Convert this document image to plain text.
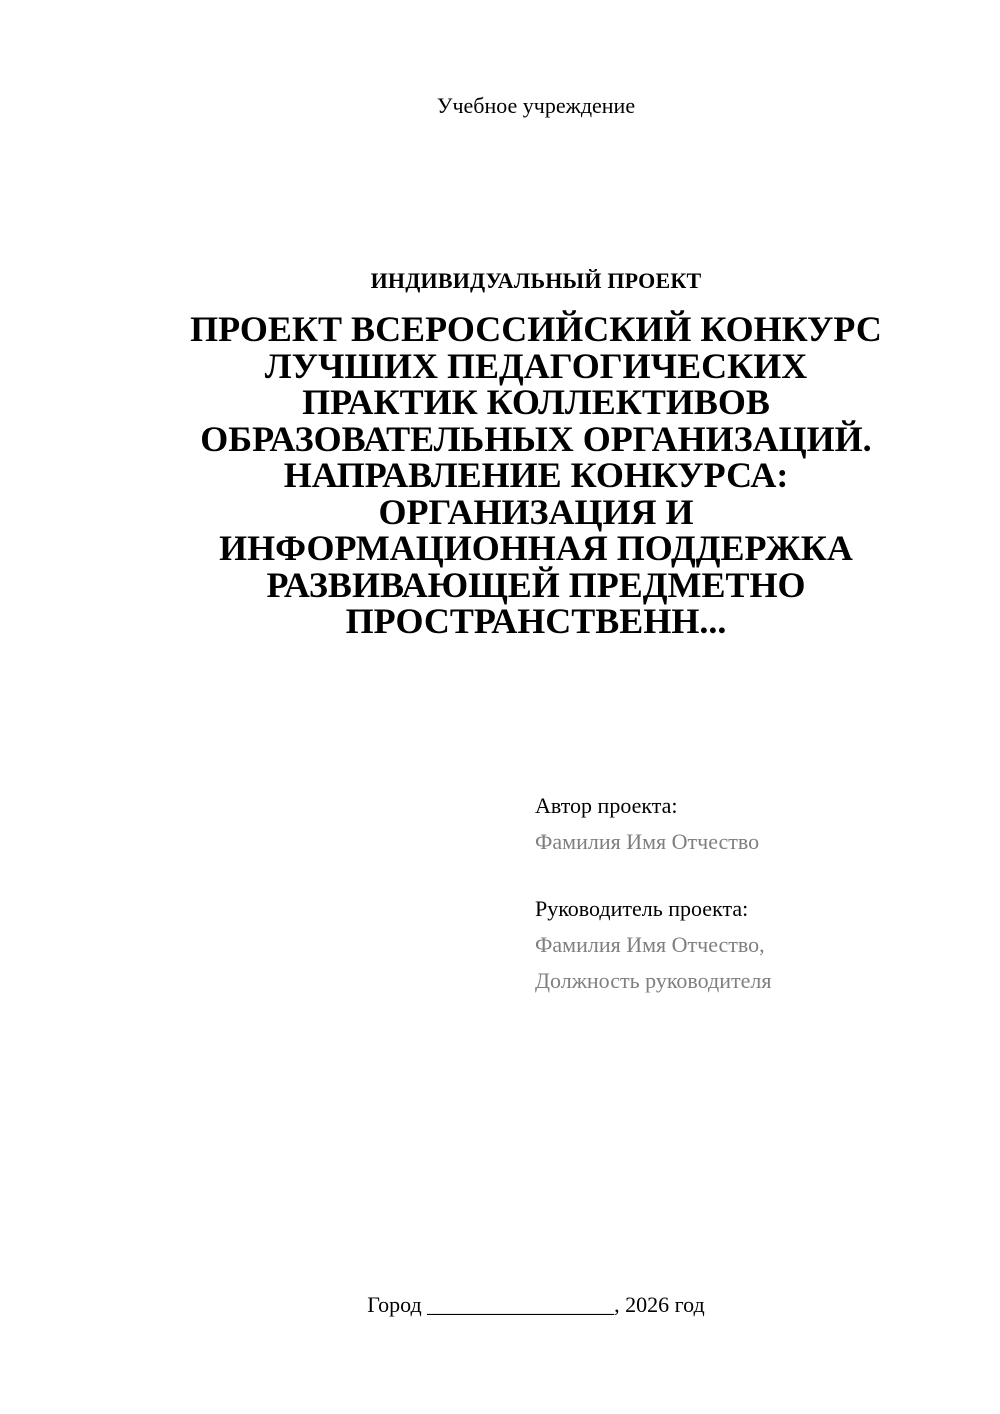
Учебное учреждение
ИНДИВИДУАЛЬНЫЙ ПРОЕКТ
ПРОЕКТ ВСЕРОССИЙСКИЙ КОНКУРС
ЛУЧШИХ ПЕДАГОГИЧЕСКИХ
ПРАКТИК КОЛЛЕКТИВОВ
ОБРАЗОВАТЕЛЬНЫХ ОРГАНИЗАЦИЙ.
НАПРАВЛЕНИЕ КОНКУРСА:
ОРГАНИЗАЦИЯ И
ИНФОРМАЦИОННАЯ ПОДДЕРЖКА
РАЗВИВАЮЩЕЙ ПРЕДМЕТНО
ПРОСТРАНСТВЕНН...
Автор проекта:
Фамилия Имя Отчество
Руководитель проекта:
Фамилия Имя Отчество,
Должность руководителя
Город _________________, 2026 год
